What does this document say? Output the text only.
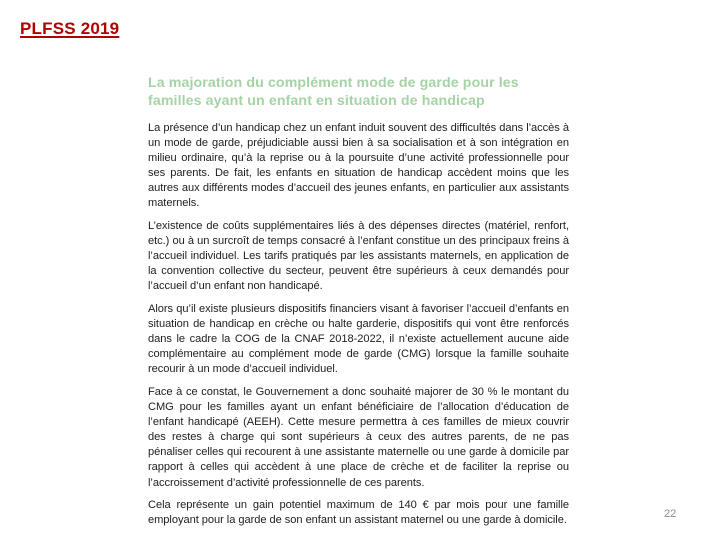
PLFSS 2019
La majoration du complément mode de garde pour les familles ayant un enfant en situation de handicap

La présence d’un handicap chez un enfant induit souvent des difficultés dans l’accès à un mode de garde, préjudiciable aussi bien à sa socialisation et à son intégration en milieu ordinaire, qu’à la reprise ou à la poursuite d’une activité professionnelle pour ses parents. De fait, les enfants en situation de handicap accèdent moins que les autres aux différents modes d’accueil des jeunes enfants, en particulier aux assistants maternels.

L’existence de coûts supplémentaires liés à des dépenses directes (matériel, renfort, etc.) ou à un surcroît de temps consacré à l’enfant constitue un des principaux freins à l’accueil individuel. Les tarifs pratiqués par les assistants maternels, en application de la convention collective du secteur, peuvent être supérieurs à ceux demandés pour l’accueil d’un enfant non handicapé.

Alors qu’il existe plusieurs dispositifs financiers visant à favoriser l’accueil d’enfants en situation de handicap en crèche ou halte garderie, dispositifs qui vont être renforcés dans le cadre la COG de la CNAF 2018-2022, il n’existe actuellement aucune aide complémentaire au complément mode de garde (CMG) lorsque la famille souhaite recourir à un mode d’accueil individuel.

Face à ce constat, le Gouvernement a donc souhaité majorer de 30 % le montant du CMG pour les familles ayant un enfant bénéficiaire de l’allocation d’éducation de l’enfant handicapé (AEEH). Cette mesure permettra à ces familles de mieux couvrir des restes à charge qui sont supérieurs à ceux des autres parents, de ne pas pénaliser celles qui recourent à une assistante maternelle ou une garde à domicile par rapport à celles qui accèdent à une place de crèche et de faciliter la reprise ou l’accroissement d’activité professionnelle de ces parents.

Cela représente un gain potentiel maximum de 140 € par mois pour une famille employant pour la garde de son enfant un assistant maternel ou une garde à domicile.

22
